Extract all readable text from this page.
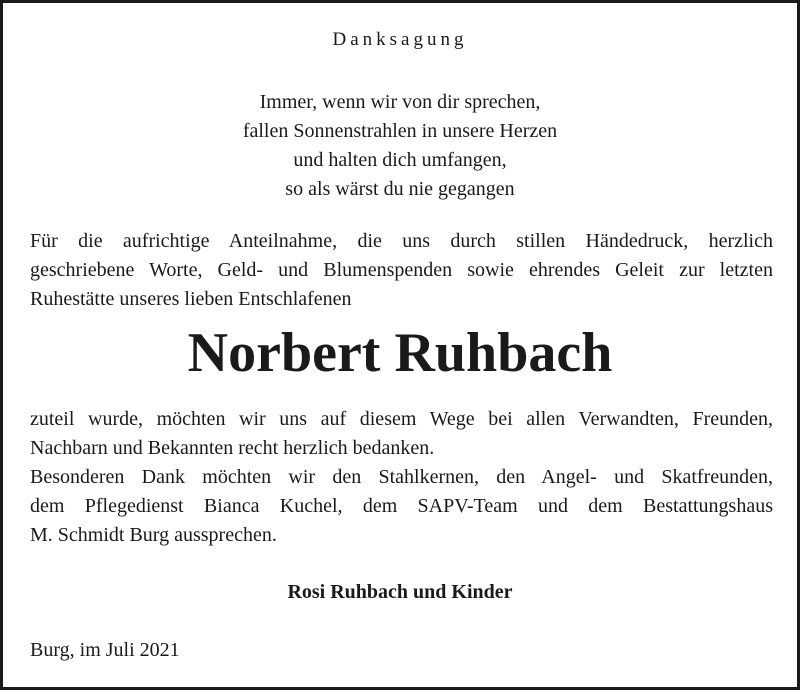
Danksagung
Immer, wenn wir von dir sprechen,
fallen Sonnenstrahlen in unsere Herzen
und halten dich umfangen,
so als wärst du nie gegangen
Für die aufrichtige Anteilnahme, die uns durch stillen Händedruck, herzlich
geschriebene Worte, Geld- und Blumenspenden sowie ehrendes Geleit zur letzten
Ruhestätte unseres lieben Entschlafenen
Norbert Ruhbach
zuteil wurde, möchten wir uns auf diesem Wege bei allen Verwandten, Freunden,
Nachbarn und Bekannten recht herzlich bedanken.
Besonderen Dank möchten wir den Stahlkernen, den Angel- und Skatfreunden,
dem Pflegedienst Bianca Kuchel, dem SAPV-Team und dem Bestattungshaus
M. Schmidt Burg aussprechen.
Rosi Ruhbach und Kinder
Burg, im Juli 2021
